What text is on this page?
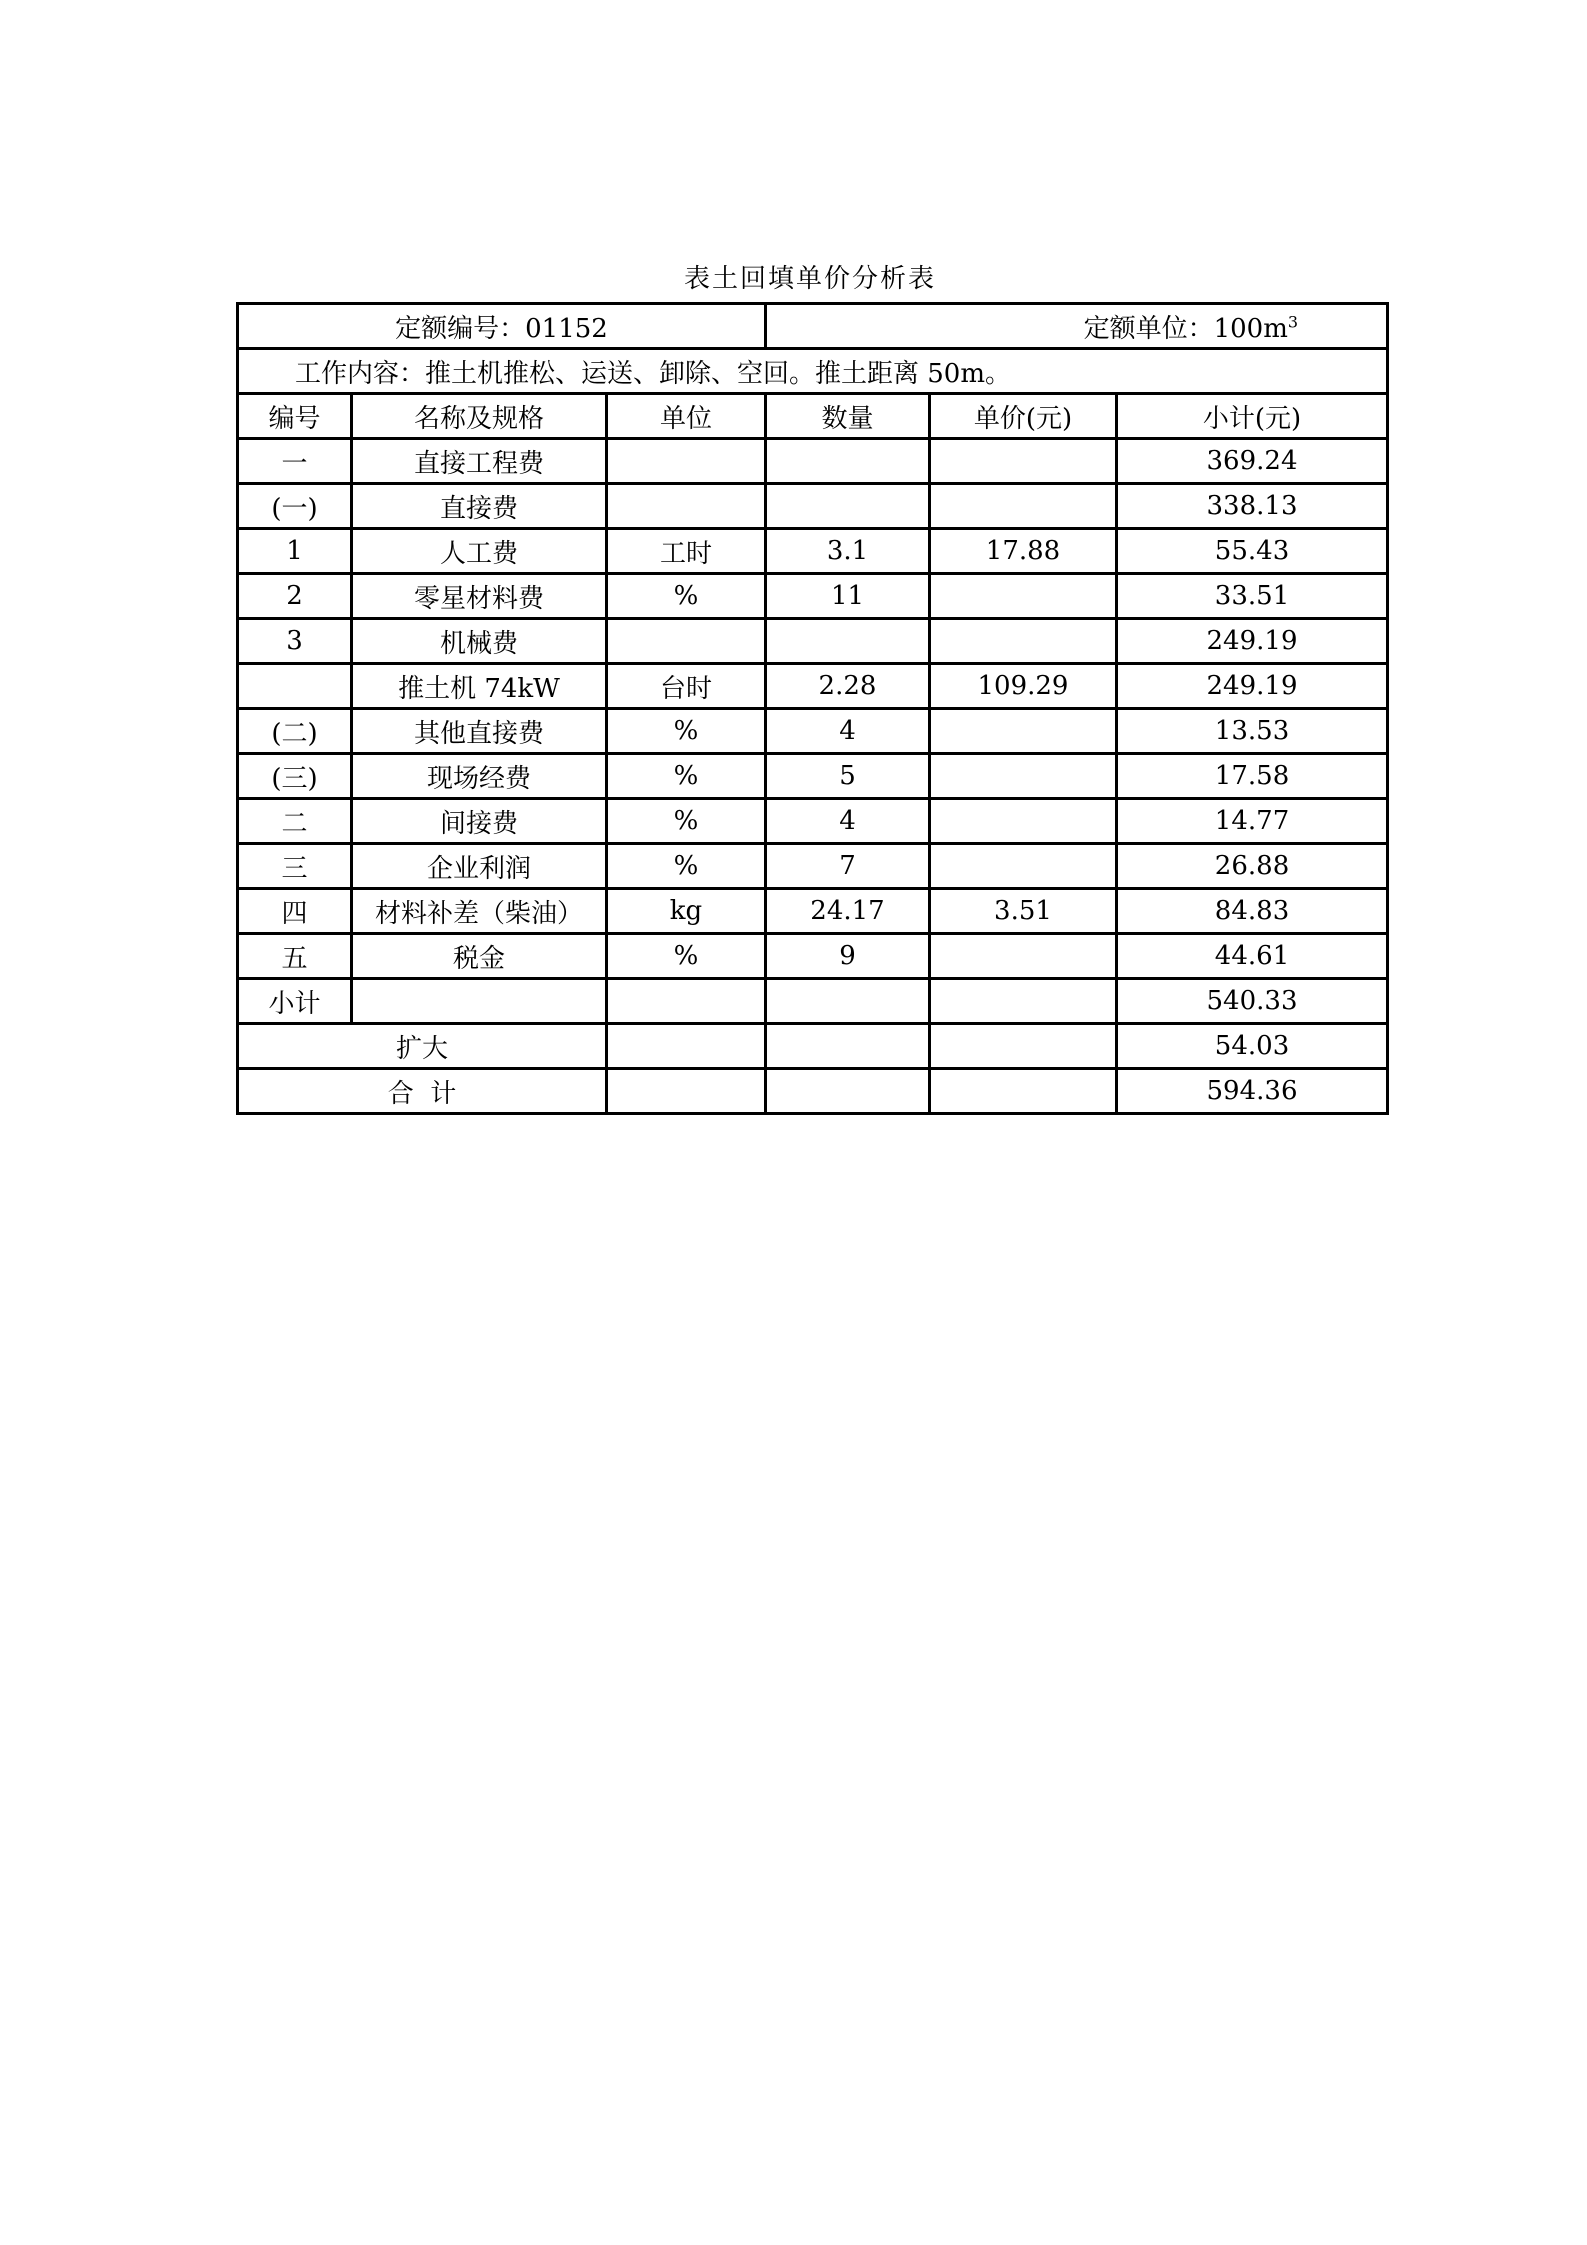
表土回填单价分析表
定额编号：01152			定额单位：$100m^3$
工作内容：推土机推松、运送、卸除、空回。推土距离 50m。					
编号	名称及规格	单位	数量	单价(元)	小计(元)
一	直接工程费				369.24
(一)	直接费				338.13
1	人工费	工时	3.1	17.88	55.43
2	零星材料费	%	11		33.51
3	机械费				249.19
	推土机 74kW	台时	2.28	109.29	249.19
(二)	其他直接费	%	4		13.53
(三)	现场经费	%	5		17.58
二	间接费	%	4		14.77
三	企业利润	%	7		26.88
四	材料补差（柴油）	kg	24.17	3.51	84.83
五	税金	%	9		44.61
小计					540.33
扩大					54.03
合  计					594.36
